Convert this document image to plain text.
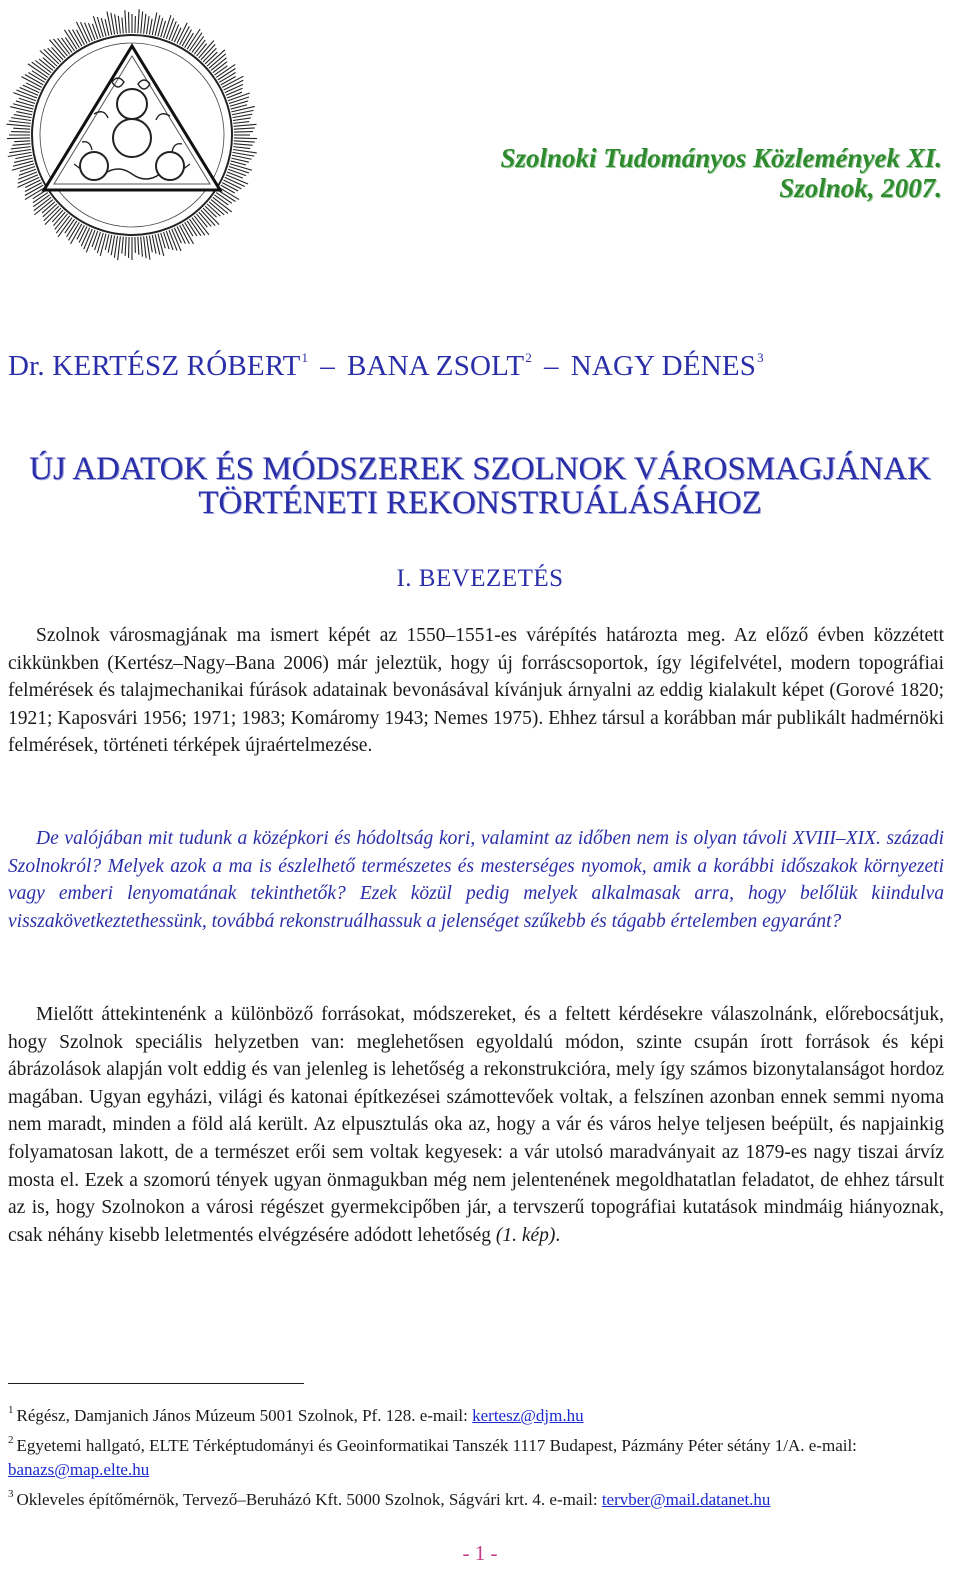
Szolnoki Tudományos Közlemények XI.
Szolnok, 2007.
Dr. KERTÉSZ RÓBERT$^1$ – BANA ZSOLT$^2$ – NAGY DÉNES$^3$
ÚJ ADATOK ÉS MÓDSZEREK SZOLNOK VÁROSMAGJÁNAK
TÖRTÉNETI REKONSTRUÁLÁSÁHOZ
I. BEVEZETÉS
Szolnok városmagjának ma ismert képét az 1550–1551-es várépítés határozta meg. Az előző évben közzétett cikkünkben (Kertész–Nagy–Bana 2006) már jeleztük, hogy új forráscsoportok, így légifelvétel, modern topográfiai felmérések és talajmechanikai fúrások adatainak bevonásával kívánjuk árnyalni az eddig kialakult képet (Gorové 1820; 1921; Kaposvári 1956; 1971; 1983; Komáromy 1943; Nemes 1975). Ehhez társul a korábban már publikált hadmérnöki felmérések, történeti térképek újraértelmezése.
De valójában mit tudunk a középkori és hódoltság kori, valamint az időben nem is olyan távoli XVIII–XIX. századi Szolnokról? Melyek azok a ma is észlelhető természetes és mesterséges nyomok, amik a korábbi időszakok környezeti vagy emberi lenyomatának tekinthetők? Ezek közül pedig melyek alkalmasak arra, hogy belőlük kiindulva visszakövetkeztethessünk, továbbá rekonstruálhassuk a jelenséget szűkebb és tágabb értelemben egyaránt?
Mielőtt áttekintenénk a különböző forrásokat, módszereket, és a feltett kérdésekre válaszolnánk, előrebocsátjuk, hogy Szolnok speciális helyzetben van: meglehetősen egyoldalú módon, szinte csupán írott források és képi ábrázolások alapján volt eddig és van jelenleg is lehetőség a rekonstrukcióra, mely így számos bizonytalanságot hordoz magában. Ugyan egyházi, világi és katonai építkezései számottevőek voltak, a felszínen azonban ennek semmi nyoma nem maradt, minden a föld alá került. Az elpusztulás oka az, hogy a vár és város helye teljesen beépült, és napjainkig folyamatosan lakott, de a természet erői sem voltak kegyesek: a vár utolsó maradványait az 1879-es nagy tiszai árvíz mosta el. Ezek a szomorú tények ugyan önmagukban még nem jelentenének megoldhatatlan feladatot, de ehhez társult az is, hogy Szolnokon a városi régészet gyermekcipőben jár, a tervszerű topográfiai kutatások mindmáig hiányoznak, csak néhány kisebb leletmentés elvégzésére adódott lehetőség (1. kép).
$^1$ Régész, Damjanich János Múzeum 5001 Szolnok, Pf. 128. e-mail: kertesz@djm.hu
$^2$ Egyetemi hallgató, ELTE Térképtudományi és Geoinformatikai Tanszék 1117 Budapest, Pázmány Péter sétány 1/A. e-mail: banazs@map.elte.hu
$^3$ Okleveles építőmérnök, Tervező–Beruházó Kft. 5000 Szolnok, Ságvári krt. 4. e-mail: tervber@mail.datanet.hu
- 1 -
